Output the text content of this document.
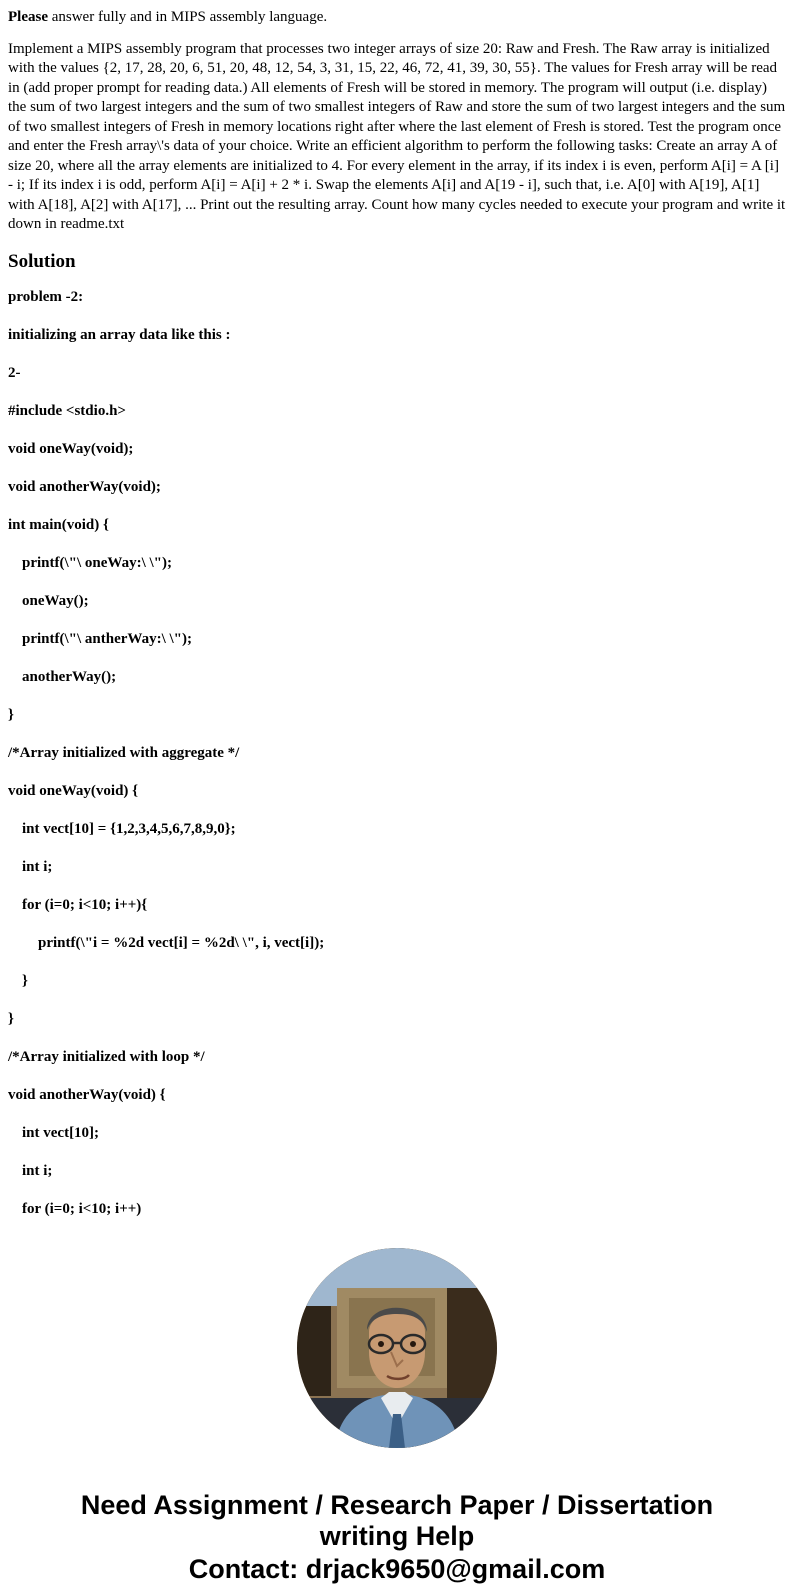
Please answer fully and in MIPS assembly language.

Implement a MIPS assembly program that processes two integer arrays of size 20: Raw and Fresh. The Raw array is initialized with the values {2, 17, 28, 20, 6, 51, 20, 48, 12, 54, 3, 31, 15, 22, 46, 72, 41, 39, 30, 55}. The values for Fresh array will be read in (add proper prompt for reading data.) All elements of Fresh will be stored in memory. The program will output (i.e. display) the sum of two largest integers and the sum of two smallest integers of Raw and store the sum of two largest integers and the sum of two smallest integers of Fresh in memory locations right after where the last element of Fresh is stored. Test the program once and enter the Fresh array\'s data of your choice. Write an efficient algorithm to perform the following tasks: Create an array A of size 20, where all the array elements are initialized to 4. For every element in the array, if its index i is even, perform A[i] = A [i] - i; If its index i is odd, perform A[i] = A[i] + 2 * i. Swap the elements A[i] and A[19 - i], such that, i.e. A[0] with A[19], A[1] with A[18], A[2] with A[17], ... Print out the resulting array. Count how many cycles needed to execute your program and write it down in readme.txt

Solution
problem -2:
initializing an array data like this :
2-
#include <stdio.h>
void oneWay(void);
void anotherWay(void);
int main(void) {
printf(\"\ oneWay:\ \");
oneWay();
printf(\"\ antherWay:\ \");
anotherWay();
}
/*Array initialized with aggregate */
void oneWay(void) {
int vect[10] = {1,2,3,4,5,6,7,8,9,0};
int i;
for (i=0; i<10; i++){
printf(\"i = %2d vect[i] = %2d\ \", i, vect[i]);
}
}
/*Array initialized with loop */
void anotherWay(void) {
int vect[10];
int i;
for (i=0; i<10; i++)
Need Assignment / Research Paper / Dissertation
writing Help
Contact: drjack9650@gmail.com
